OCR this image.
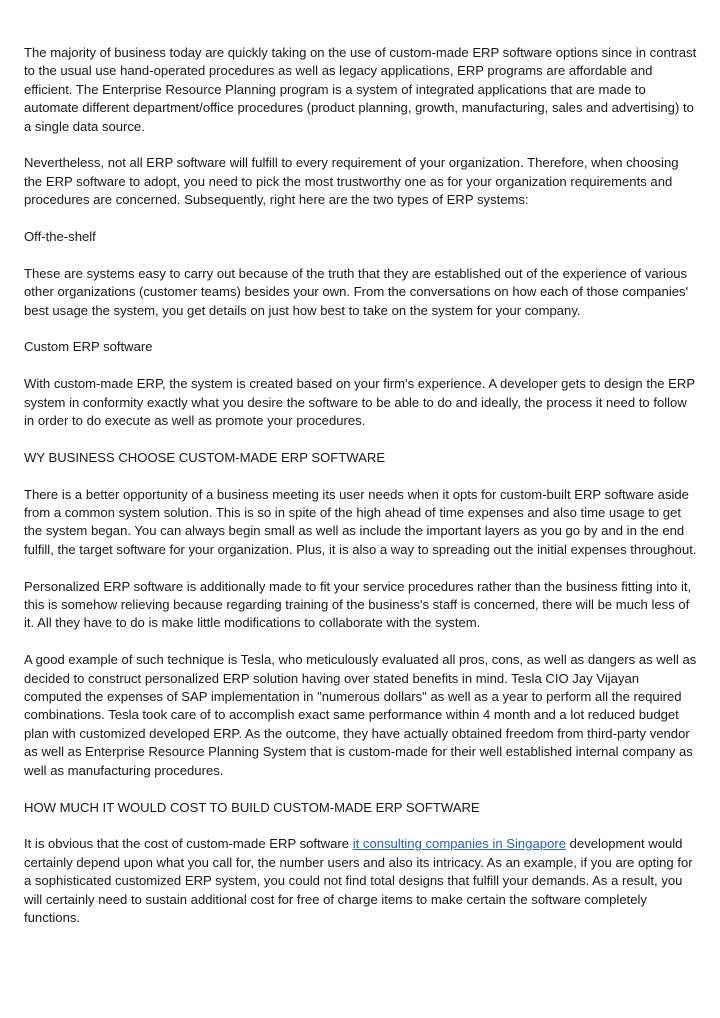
The majority of business today are quickly taking on the use of custom-made ERP software options since in contrast to the usual use hand-operated procedures as well as legacy applications, ERP programs are affordable and efficient. The Enterprise Resource Planning program is a system of integrated applications that are made to automate different department/office procedures (product planning, growth, manufacturing, sales and advertising) to a single data source.

Nevertheless, not all ERP software will fulfill to every requirement of your organization. Therefore, when choosing the ERP software to adopt, you need to pick the most trustworthy one as for your organization requirements and procedures are concerned. Subsequently, right here are the two types of ERP systems:

Off-the-shelf

These are systems easy to carry out because of the truth that they are established out of the experience of various other organizations (customer teams) besides your own. From the conversations on how each of those companies' best usage the system, you get details on just how best to take on the system for your company.

Custom ERP software

With custom-made ERP, the system is created based on your firm's experience. A developer gets to design the ERP system in conformity exactly what you desire the software to be able to do and ideally, the process it need to follow in order to do execute as well as promote your procedures.

WY BUSINESS CHOOSE CUSTOM-MADE ERP SOFTWARE

There is a better opportunity of a business meeting its user needs when it opts for custom-built ERP software aside from a common system solution. This is so in spite of the high ahead of time expenses and also time usage to get the system began. You can always begin small as well as include the important layers as you go by and in the end fulfill, the target software for your organization. Plus, it is also a way to spreading out the initial expenses throughout.

Personalized ERP software is additionally made to fit your service procedures rather than the business fitting into it, this is somehow relieving because regarding training of the business's staff is concerned, there will be much less of it. All they have to do is make little modifications to collaborate with the system.

A good example of such technique is Tesla, who meticulously evaluated all pros, cons, as well as dangers as well as decided to construct personalized ERP solution having over stated benefits in mind. Tesla CIO Jay Vijayan computed the expenses of SAP implementation in "numerous dollars" as well as a year to perform all the required combinations. Tesla took care of to accomplish exact same performance within 4 month and a lot reduced budget plan with customized developed ERP. As the outcome, they have actually obtained freedom from third-party vendor as well as Enterprise Resource Planning System that is custom-made for their well established internal company as well as manufacturing procedures.

HOW MUCH IT WOULD COST TO BUILD CUSTOM-MADE ERP SOFTWARE

It is obvious that the cost of custom-made ERP software it consulting companies in Singapore development would certainly depend upon what you call for, the number users and also its intricacy. As an example, if you are opting for a sophisticated customized ERP system, you could not find total designs that fulfill your demands. As a result, you will certainly need to sustain additional cost for free of charge items to make certain the software completely functions.
